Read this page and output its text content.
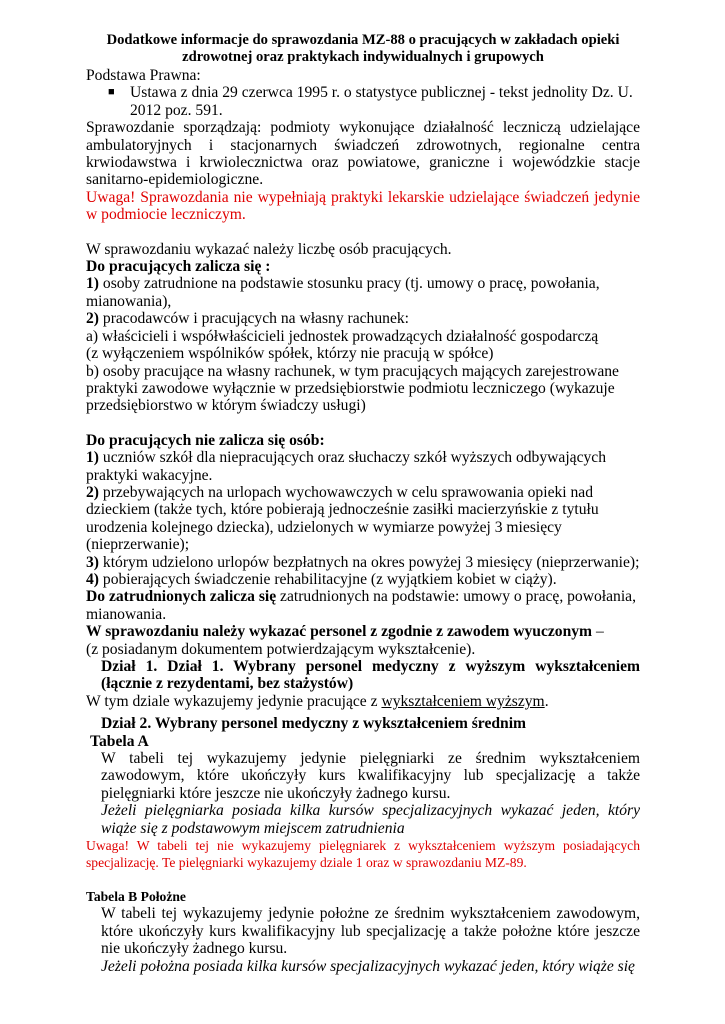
Dodatkowe informacje do sprawozdania MZ-88 o pracujących w zakładach opieki
zdrowotnej oraz praktykach indywidualnych i grupowych

Podstawa Prawna:

■ Ustawa z dnia 29 czerwca 1995 r. o statystyce publicznej - tekst jednolity Dz. U. 2012 poz. 591.

Sprawozdanie sporządzają: podmioty wykonujące działalność leczniczą udzielające ambulatoryjnych i stacjonarnych świadczeń zdrowotnych, regionalne centra krwiodawstwa i krwiolecznictwa oraz powiatowe, graniczne i wojewódzkie stacje sanitarno-epidemiologiczne.

Uwaga! Sprawozdania nie wypełniają praktyki lekarskie udzielające świadczeń jedynie w podmiocie leczniczym.

W sprawozdaniu wykazać należy liczbę osób pracujących.

Do pracujących zalicza się :

1) osoby zatrudnione na podstawie stosunku pracy (tj. umowy o pracę, powołania, mianowania),

2) pracodawców i pracujących na własny rachunek:

a) właścicieli i współwłaścicieli jednostek prowadzących działalność gospodarczą

(z wyłączeniem wspólników spółek, którzy nie pracują w spółce)

b) osoby pracujące na własny rachunek, w tym pracujących mających zarejestrowane praktyki zawodowe wyłącznie w przedsiębiorstwie podmiotu leczniczego (wykazuje przedsiębiorstwo w którym świadczy usługi)

Do pracujących nie zalicza się osób:

1) uczniów szkół dla niepracujących oraz słuchaczy szkół wyższych odbywających praktyki wakacyjne.

2) przebywających na urlopach wychowawczych w celu sprawowania opieki nad dzieckiem (także tych, które pobierają jednocześnie zasiłki macierzyńskie z tytułu urodzenia kolejnego dziecka), udzielonych w wymiarze powyżej 3 miesięcy (nieprzerwanie);

3) którym udzielono urlopów bezpłatnych na okres powyżej 3 miesięcy (nieprzerwanie);

4) pobierających świadczenie rehabilitacyjne (z wyjątkiem kobiet w ciąży).

Do zatrudnionych zalicza się zatrudnionych na podstawie: umowy o pracę, powołania, mianowania.

W sprawozdaniu należy wykazać personel z zgodnie z zawodem wyuczonym –

(z posiadanym dokumentem potwierdzającym wykształcenie).

Dział 1. Dział 1. Wybrany personel medyczny z wyższym wykształceniem (łącznie z rezydentami, bez stażystów)

W tym dziale wykazujemy jedynie pracujące z wykształceniem wyższym.

Dział 2. Wybrany personel medyczny z wykształceniem średnim

Tabela A

W tabeli tej wykazujemy jedynie pielęgniarki ze średnim wykształceniem zawodowym, które ukończyły kurs kwalifikacyjny lub specjalizację a także pielęgniarki które jeszcze nie ukończyły żadnego kursu.

Jeżeli pielęgniarka posiada kilka kursów specjalizacyjnych wykazać jeden, który wiąże się z podstawowym miejscem zatrudnienia

Uwaga! W tabeli tej nie wykazujemy pielęgniarek z wykształceniem wyższym posiadających specjalizację. Te pielęgniarki wykazujemy dziale 1 oraz w sprawozdaniu MZ-89.

Tabela B Położne

W tabeli tej wykazujemy jedynie położne ze średnim wykształceniem zawodowym, które ukończyły kurs kwalifikacyjny lub specjalizację a także położne które jeszcze nie ukończyły żadnego kursu.

Jeżeli położna posiada kilka kursów specjalizacyjnych wykazać jeden, który wiąże się
